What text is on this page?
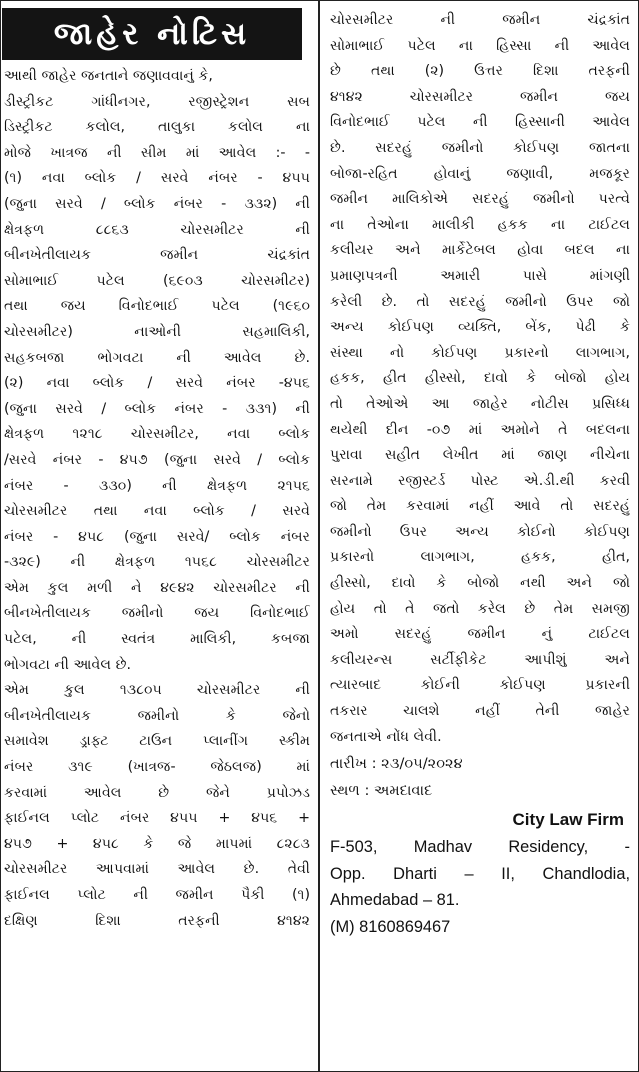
જાહેર નોટિસ
આથી જાહેર જનતાને જણાવવાનું કે,
ડીસ્ટ્રીકટ ગાંધીનગર, રજીસ્ટ્રેશન સબ
ડિસ્ટ્રીકટ કલોલ, તાલુકા કલોલ ના
મોજે ખાત્રજ ની સીમ માં આવેલ :- -
(૧) નવા બ્લોક / સરવે નંબર - ૪૫૫
(જુના સરવે / બ્લોક નંબર - ૩૩૨) ની
ક્ષેત્રફળ ૮૮૬૩ ચોરસમીટર ની
બીનખેતીલાયક જમીન ચંદ્રકાંત
સોમાભાઈ પટેલ (૬૯૦૩ ચોરસમીટર)
તથા જય વિનોદભાઈ પટેલ (૧૯૬૦
ચોરસમીટર) નાઓની સહમાલિકી,
સહકબજા ભોગવટા ની આવેલ છે.
(૨) નવા બ્લોક / સરવે નંબર -૪૫૬
(જુના સરવે / બ્લોક નંબર - ૩૩૧) ની
ક્ષેત્રફળ ૧૨૧૮ ચોરસમીટર, નવા બ્લોક
/સરવે નંબર - ૪૫૭ (જુના સરવે / બ્લોક
નંબર - ૩૩૦) ની ક્ષેત્રફળ ૨૧૫૬
ચોરસમીટર તથા નવા બ્લોક / સરવે
નંબર - ૪૫૮ (જુના સરવે/ બ્લોક નંબર
-૩૨૯) ની ક્ષેત્રફળ ૧૫૬૮ ચોરસમીટર
એમ કુલ મળી ને ૪૯૪૨ ચોરસમીટર ની
બીનખેતીલાયક જમીનો જય વિનોદભાઈ
પટેલ, ની સ્વતંત્ર માલિકી, કબજા
ભોગવટા ની આવેલ છે.
એમ કુલ ૧૩૮૦૫ ચોરસમીટર ની
બીનખેતીલાયક જમીનો કે જેનો
સમાવેશ ડ્રાફ્ટ ટાઉન પ્લાનીંગ સ્કીમ
નંબર ૩૧૯ (ખાત્રજ- જેઠલજ) માં
કરવામાં આવેલ છે જેને પ્રપોઝડ
ફાઈનલ પ્લોટ નંબર ૪૫૫ + ૪૫૬ +
૪૫૭ + ૪૫૮ કે જે માપમાં ૮૨૮૩
ચોરસમીટર આપવામાં આવેલ છે. તેવી
ફાઈનલ પ્લોટ ની જમીન પૈકી (૧)
દક્ષિણ દિશા તરફની ૪૧૪૨
ચોરસમીટર ની જમીન ચંદ્રકાંત
સોમાભાઈ પટેલ ના હિસ્સા ની આવેલ
છે તથા (૨) ઉત્તર દિશા તરફની
૪૧૪૨ ચોરસમીટર જમીન જય
વિનોદભાઈ પટેલ ની હિસ્સાની આવેલ
છે. સદરહું જમીનો કોઈપણ જાતના
બોજા-રહિત હોવાનું જણાવી, મજકૂર
જમીન માલિકોએ સદરહું જમીનો પરત્વે
ના તેઓના માલીકી હકક ના ટાઈટલ
કલીયર અને માર્કેટેબલ હોવા બદલ ના
પ્રમાણપત્રની અમારી પાસે માંગણી
કરેલી છે. તો સદરહું જમીનો ઉપર જો
અન્ય કોઈપણ વ્યક્તિ, બેંક, પેઢી કે
સંસ્થા નો કોઈપણ પ્રકારનો લાગભાગ,
હકક, હીત હીસ્સો, દાવો કે બોજો હોય
તો તેઓએ આ જાહેર નોટીસ પ્રસિધ્ધ
થયેથી દીન -૦૭ માં અમોને તે બદલના
પુરાવા સહીત લેખીત માં જાણ નીચેના
સરનામે રજીસ્ટર્ડ પોસ્ટ એ.ડી.થી કરવી
જો તેમ કરવામાં નહીં આવે તો સદરહું
જમીનો ઉપર અન્ય કોઈનો કોઈપણ
પ્રકારનો લાગભાગ, હકક, હીત,
હીસ્સો, દાવો કે બોજો નથી અને જો
હોય તો તે જતો કરેલ છે તેમ સમજી
અમો સદરહું જમીન નું ટાઈટલ
કલીયરન્સ સર્ટીફીકેટ આપીશું અને
ત્યારબાદ કોઈની કોઈપણ પ્રકારની
તકરાર ચાલશે નહીં તેની જાહેર
જનતાએ નોંધ લેવી.
તારીખ : ૨૩/૦૫/૨૦૨૪
સ્થળ : અમદાવાદ
City Law Firm
F-503, Madhav Residency, -
Opp. Dharti – II, Chandlodia,
Ahmedabad – 81.
(M) 8160869467
